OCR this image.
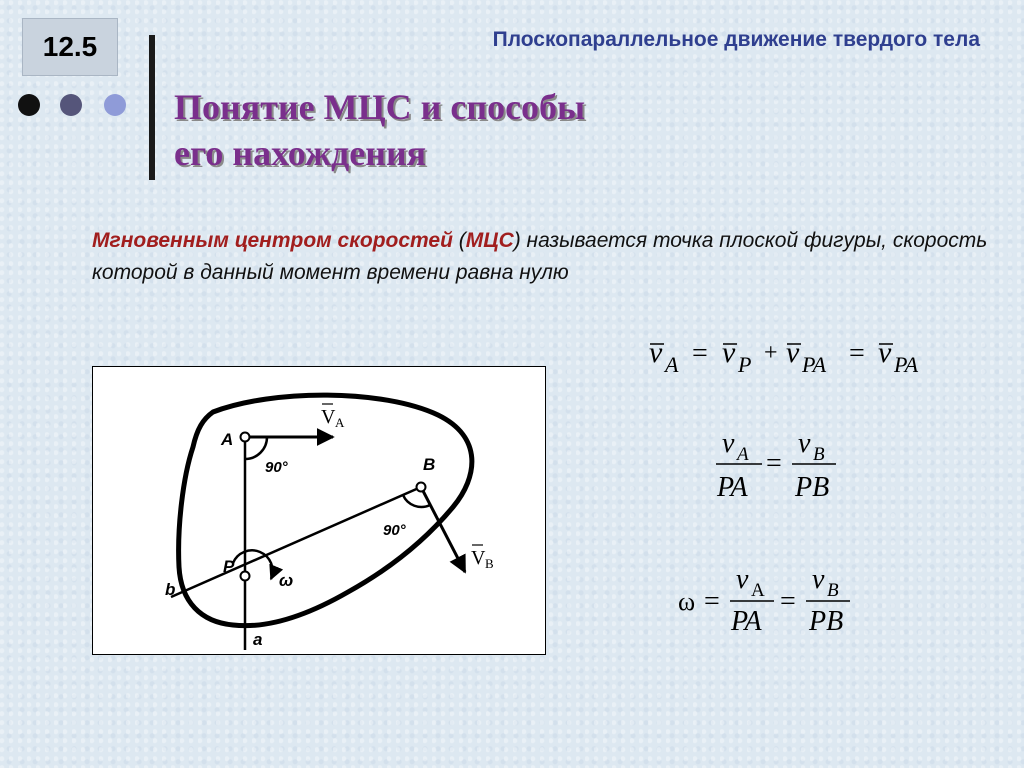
12.5	Плоскопараллельное движение твердого тела
Понятие МЦС и способы
его нахождения

Мгновенным центром скоростей (МЦС) называется точка плоской фигуры, скорость которой в данный момент времени равна нулю

A
B
P
90°
90°
ω
a
b
V A
V B
v A = v P + v PA = v PA
v A
PA
=
v B
PB
ω =
v A
PA
=
v B
PB
